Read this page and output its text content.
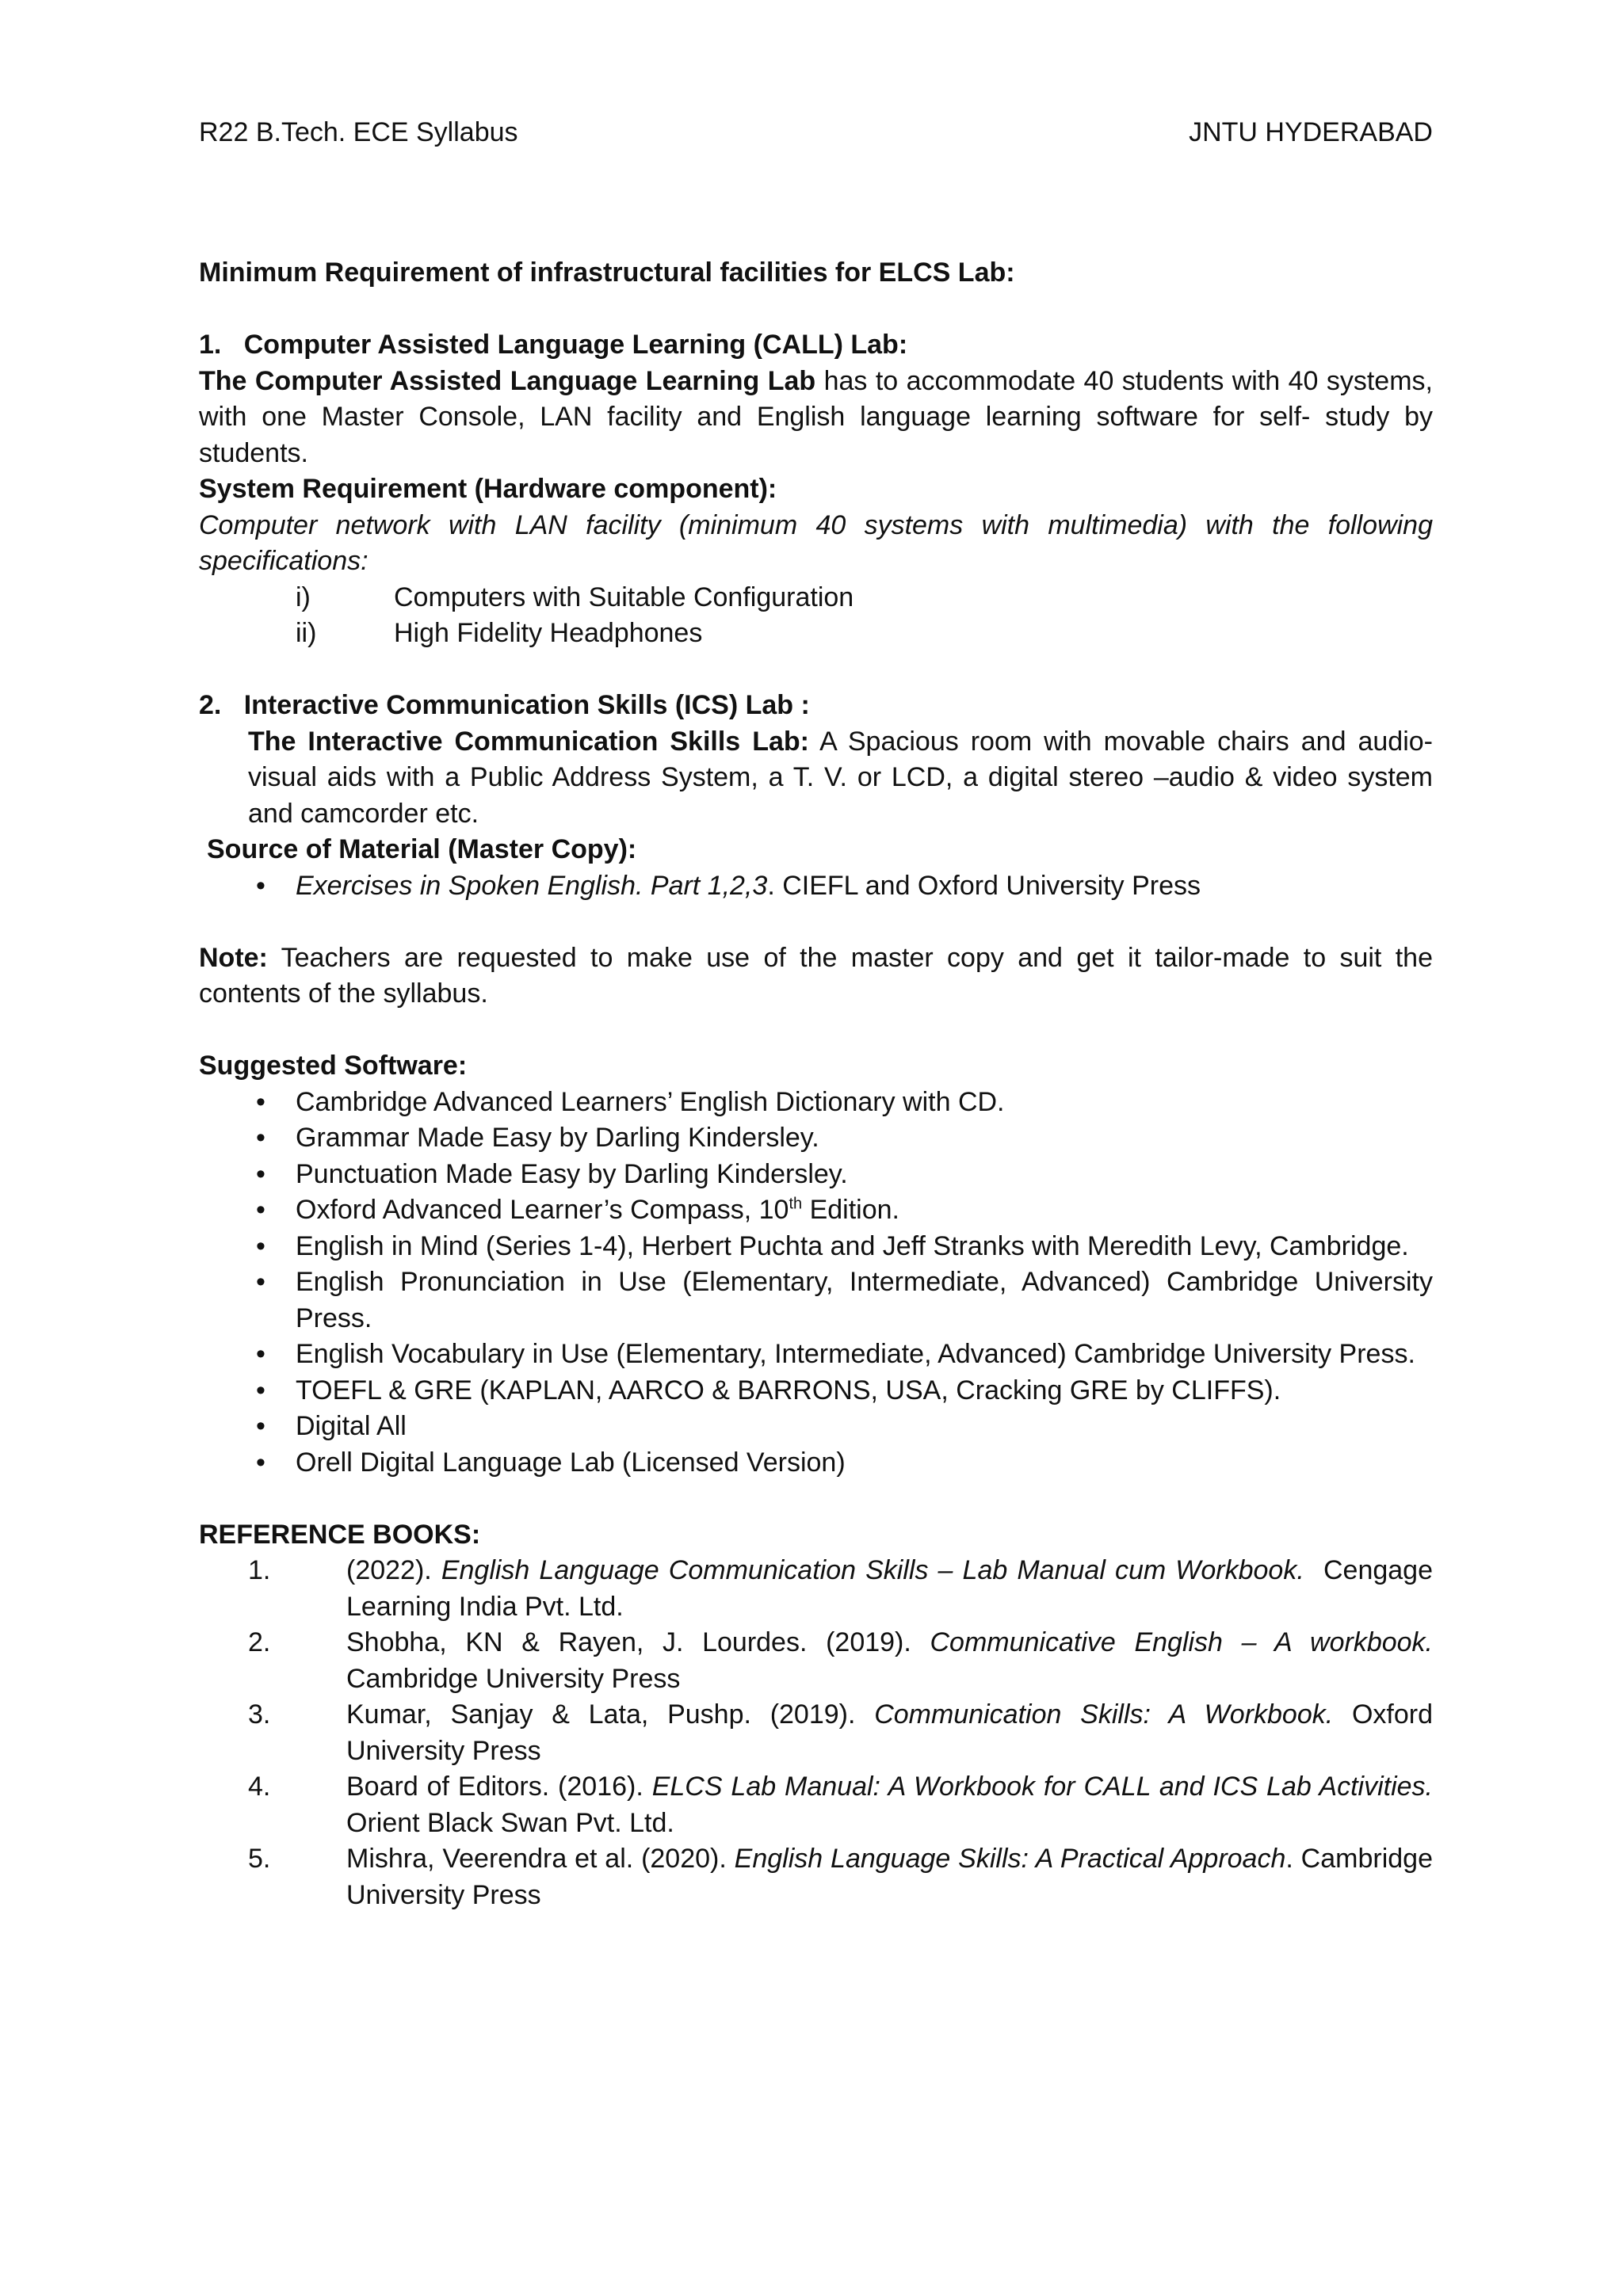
R22 B.Tech. ECE Syllabus	JNTU HYDERABAD

Minimum Requirement of infrastructural facilities for ELCS Lab:

1.   Computer Assisted Language Learning (CALL) Lab:

The Computer Assisted Language Learning Lab has to accommodate 40 students with 40 systems, with one Master Console, LAN facility and English language learning software for self- study by students.

System Requirement (Hardware component):

Computer network with LAN facility (minimum 40 systems with multimedia) with the following specifications:

i)	Computers with Suitable Configuration
ii)	High Fidelity Headphones

2.   Interactive Communication Skills (ICS) Lab :

The Interactive Communication Skills Lab: A Spacious room with movable chairs and audio-visual aids with a Public Address System, a T. V. or LCD, a digital stereo –audio & video system and camcorder etc.

Source of Material (Master Copy):

•	Exercises in Spoken English. Part 1,2,3. CIEFL and Oxford University Press

Note: Teachers are requested to make use of the master copy and get it tailor-made to suit the contents of the syllabus.

Suggested Software:

•	Cambridge Advanced Learners’ English Dictionary with CD.
•	Grammar Made Easy by Darling Kindersley.
•	Punctuation Made Easy by Darling Kindersley.
•	Oxford Advanced Learner’s Compass, 10th Edition.
•	English in Mind (Series 1-4), Herbert Puchta and Jeff Stranks with Meredith Levy, Cambridge.
•	English Pronunciation in Use (Elementary, Intermediate, Advanced) Cambridge University Press.
•	English Vocabulary in Use (Elementary, Intermediate, Advanced) Cambridge University Press.
•	TOEFL & GRE (KAPLAN, AARCO & BARRONS, USA, Cracking GRE by CLIFFS).
•	Digital All
•	Orell Digital Language Lab (Licensed Version)

REFERENCE BOOKS:

1.	(2022). English Language Communication Skills – Lab Manual cum Workbook.  Cengage Learning India Pvt. Ltd.
2.	Shobha, KN & Rayen, J. Lourdes. (2019). Communicative English – A workbook. Cambridge University Press
3.	Kumar, Sanjay & Lata, Pushp. (2019). Communication Skills: A Workbook. Oxford University Press
4.	Board of Editors. (2016). ELCS Lab Manual: A Workbook for CALL and ICS Lab Activities. Orient Black Swan Pvt. Ltd.
5.	Mishra, Veerendra et al. (2020). English Language Skills: A Practical Approach. Cambridge University Press
